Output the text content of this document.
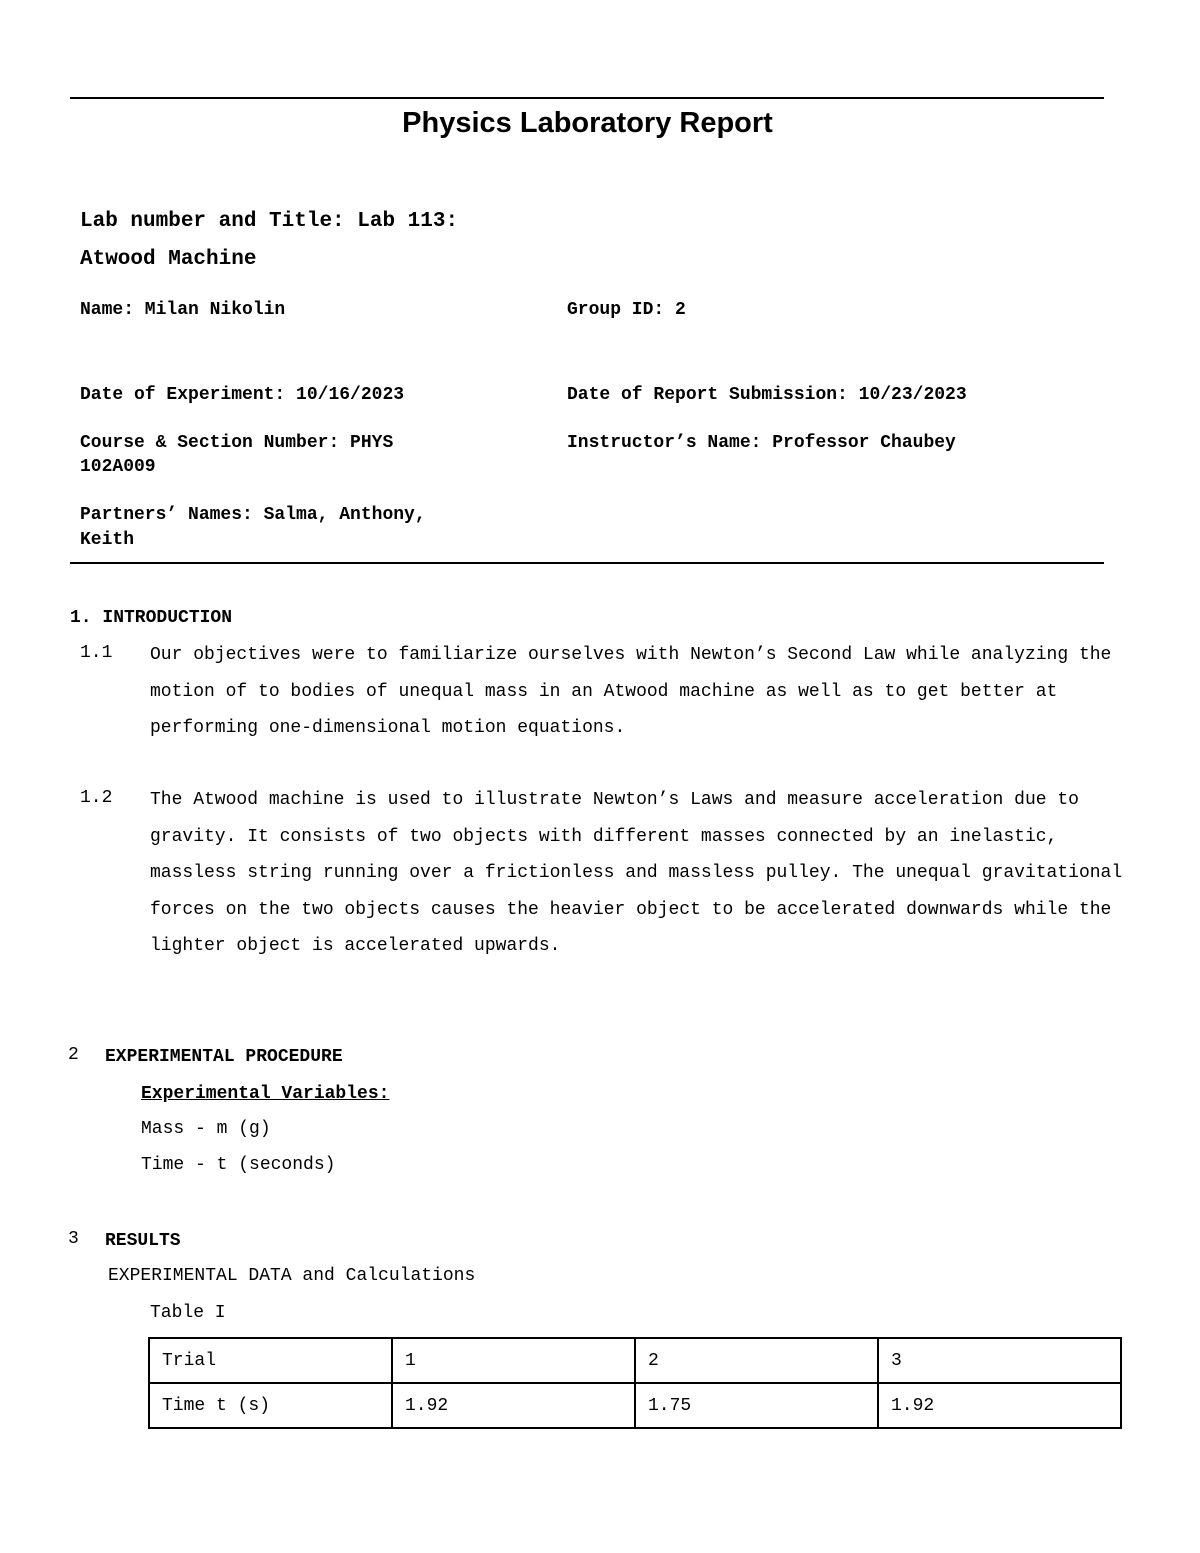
Physics Laboratory Report
Lab number and Title: Lab 113:
Atwood Machine
Name: Milan Nikolin	Group ID: 2
Date of Experiment: 10/16/2023	Date of Report Submission: 10/23/2023
Course & Section Number: PHYS
102A009
Instructor’s Name: Professor Chaubey
Partners’ Names: Salma, Anthony,
Keith
1. INTRODUCTION
1.1 Our objectives were to familiarize ourselves with Newton’s Second Law while analyzing the motion of to bodies of unequal mass in an Atwood machine as well as to get better at performing one-dimensional motion equations.
1.2 The Atwood machine is used to illustrate Newton’s Laws and measure acceleration due to gravity. It consists of two objects with different masses connected by an inelastic, massless string running over a frictionless and massless pulley. The unequal gravitational forces on the two objects causes the heavier object to be accelerated downwards while the lighter object is accelerated upwards.
2 EXPERIMENTAL PROCEDURE
Experimental Variables:
Mass - m (g)
Time - t (seconds)
3 RESULTS
EXPERIMENTAL DATA and Calculations
Table I
Trial	1	2	3
Time t (s)	1.92	1.75	1.92
